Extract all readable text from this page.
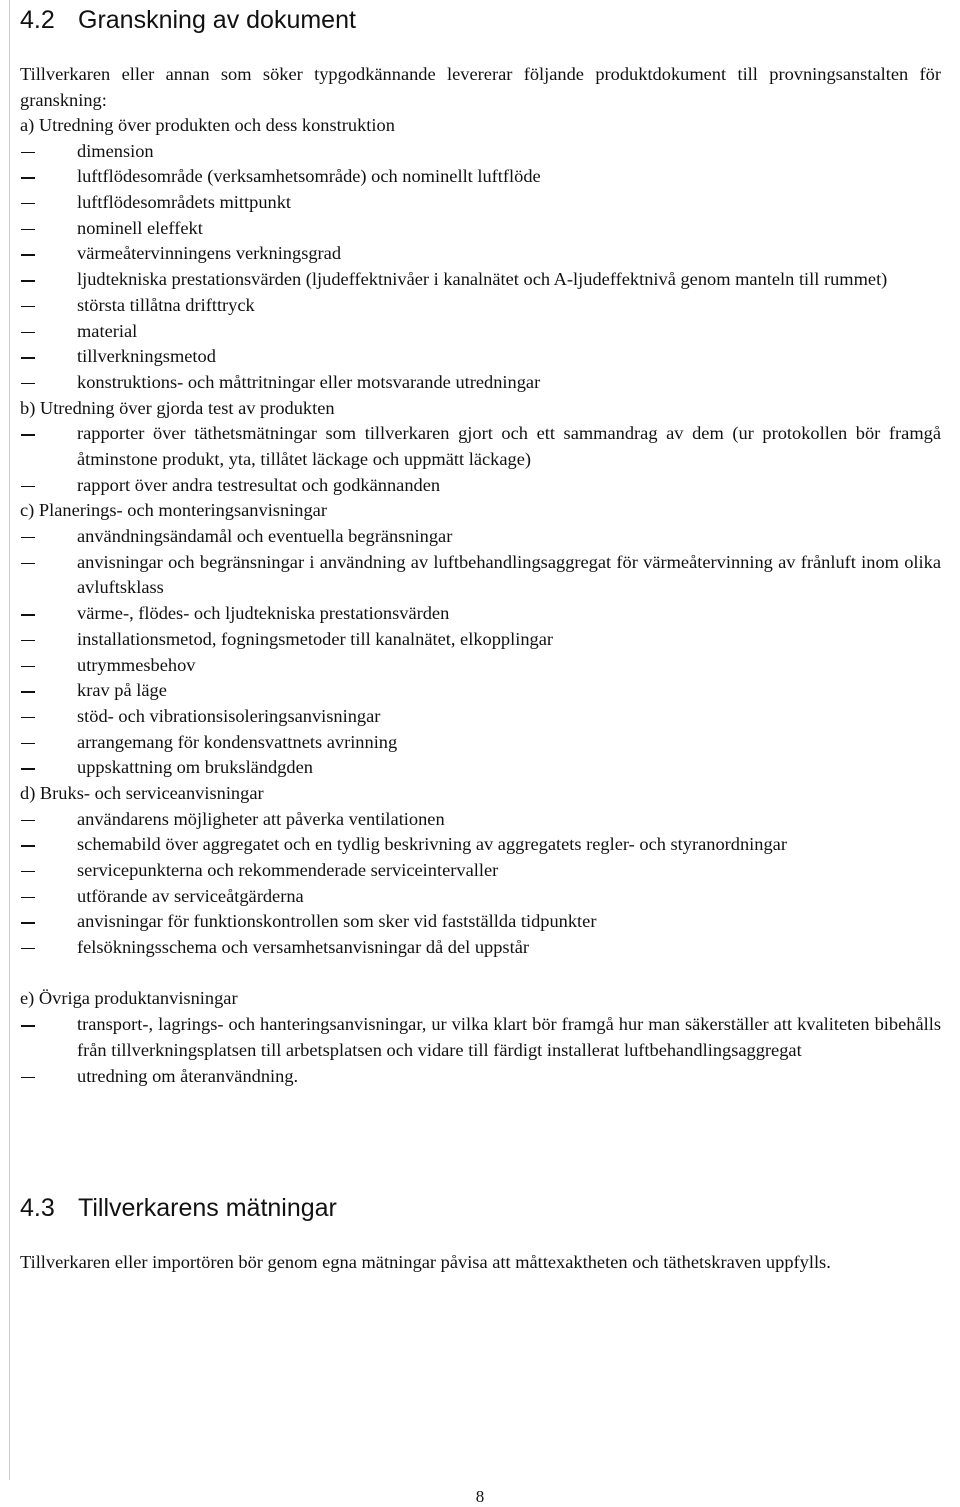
4.2 Granskning av dokument
Tillverkaren eller annan som söker typgodkännande levererar följande produktdokument till provningsanstalten för granskning:
a) Utredning över produkten och dess konstruktion
dimension
luftflödesområde (verksamhetsområde) och nominellt luftflöde
luftflödesområdets mittpunkt
nominell eleffekt
värmeåtervinningens verkningsgrad
ljudtekniska prestationsvärden (ljudeffektnivåer i kanalnätet och A-ljudeffektnivå genom manteln till rummet)
största tillåtna drifttryck
material
tillverkningsmetod
konstruktions- och måttritningar eller motsvarande utredningar
b) Utredning över gjorda test av produkten
rapporter över täthetsmätningar som tillverkaren gjort och ett sammandrag av dem (ur protokollen bör framgå åtminstone produkt, yta, tillåtet läckage och uppmätt läckage)
rapport över andra testresultat och godkännanden
c) Planerings- och monteringsanvisningar
användningsändamål och eventuella begränsningar
anvisningar och begränsningar i användning av luftbehandlingsaggregat för värmeåtervinning av frånluft inom olika avluftsklass
värme-, flödes- och ljudtekniska prestationsvärden
installationsmetod, fogningsmetoder till kanalnätet, elkopplingar
utrymmesbehov
krav på läge
stöd- och vibrationsisoleringsanvisningar
arrangemang för kondensvattnets avrinning
uppskattning om bruksländgden
d) Bruks- och serviceanvisningar
användarens möjligheter att påverka ventilationen
schemabild över aggregatet och en tydlig beskrivning av aggregatets regler- och styranordningar
servicepunkterna och rekommenderade serviceintervaller
utförande av serviceåtgärderna
anvisningar för funktionskontrollen som sker vid fastställda tidpunkter
felsökningsschema och versamhetsanvisningar då del uppstår
e) Övriga produktanvisningar
transport-, lagrings- och hanteringsanvisningar, ur vilka klart bör framgå hur man säkerställer att kvaliteten bibehålls från tillverkningsplatsen till arbetsplatsen och vidare till färdigt installerat luftbehandlingsaggregat
utredning om återanvändning.
4.3 Tillverkarens mätningar
Tillverkaren eller importören bör genom egna mätningar påvisa att måttexaktheten och täthetskraven uppfylls.
8
